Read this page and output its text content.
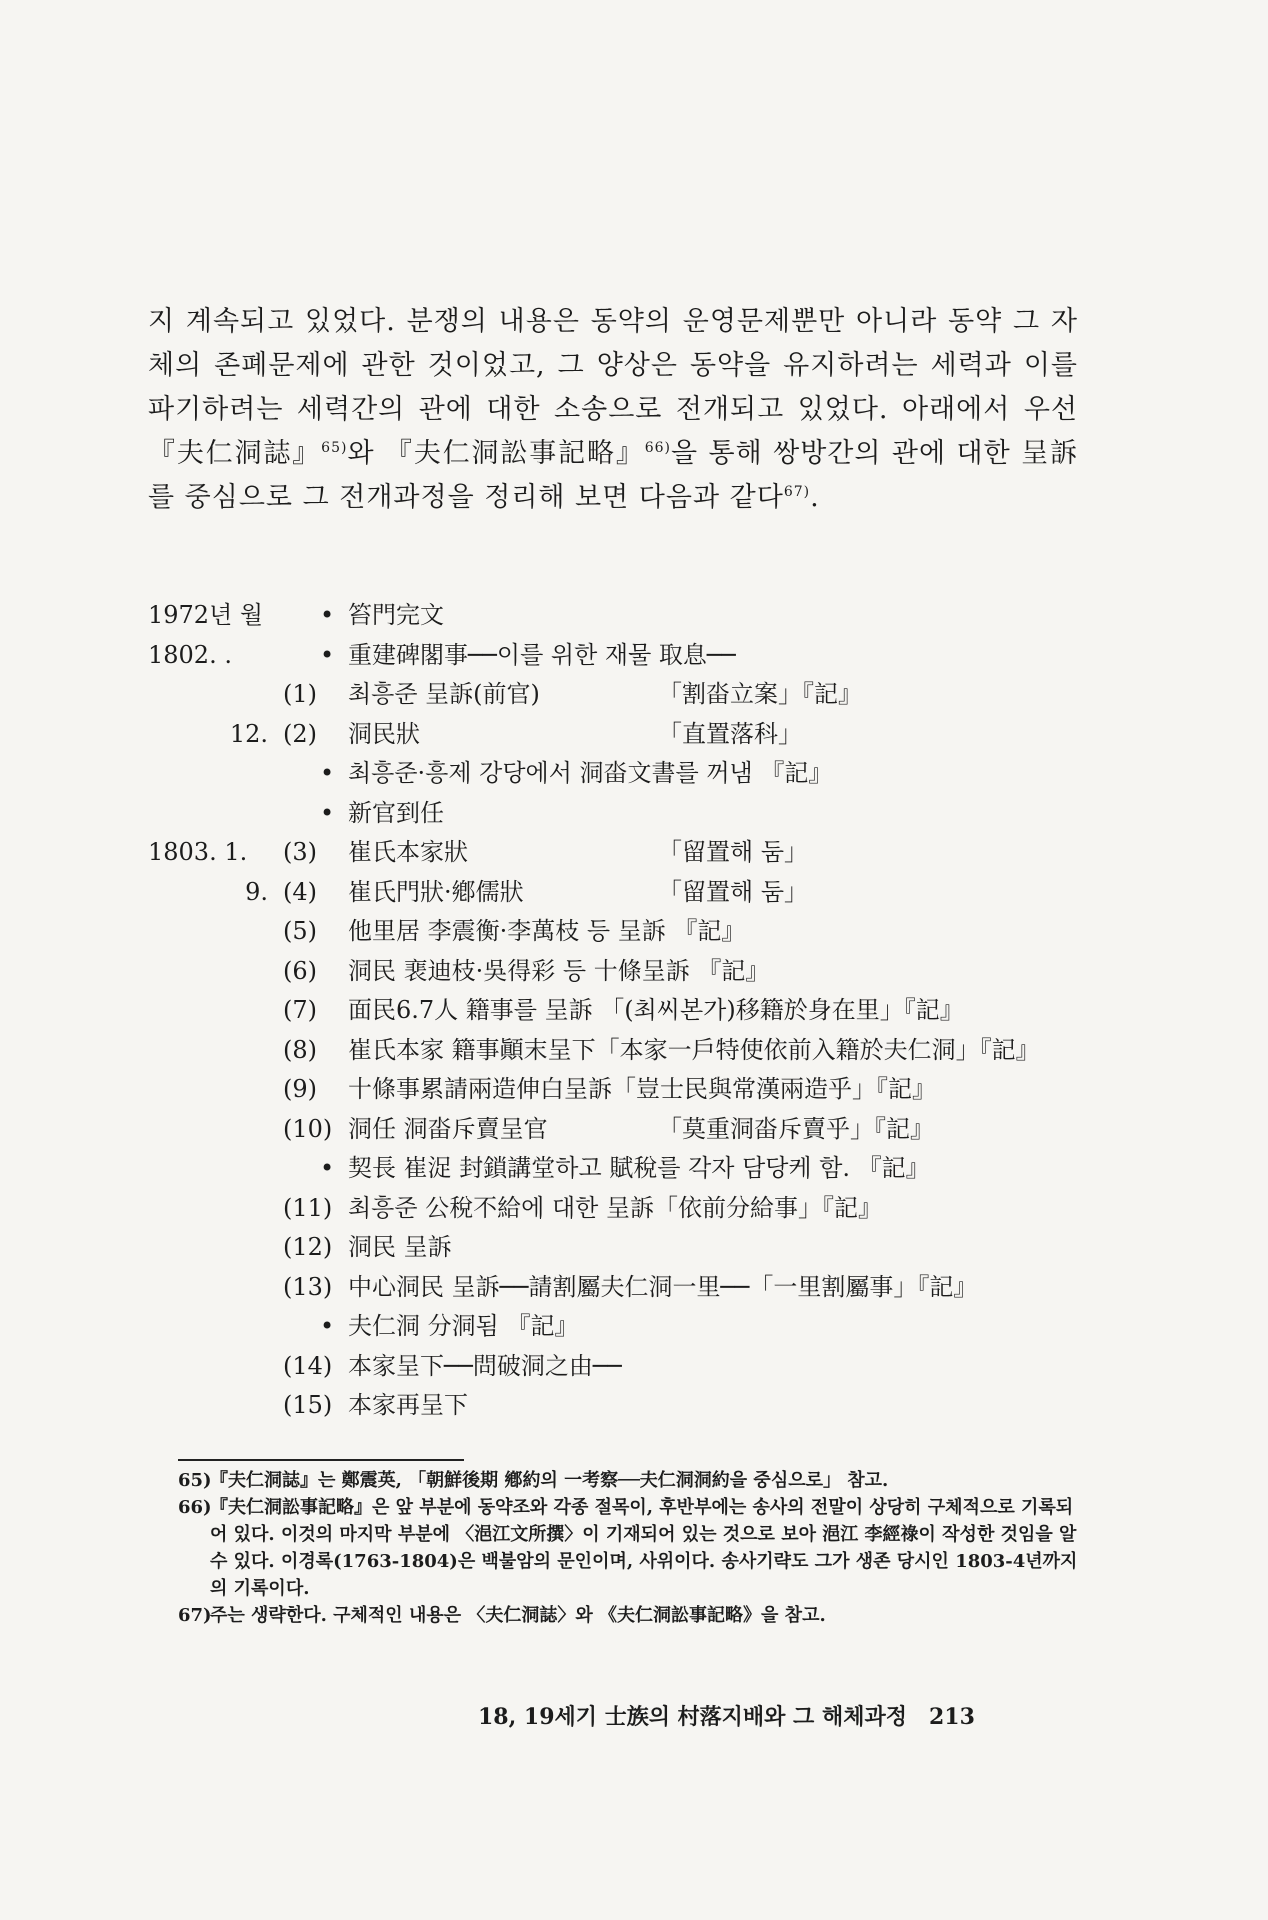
지 계속되고 있었다. 분쟁의 내용은 동약의 운영문제뿐만 아니라 동약 그 자체의 존폐문제에 관한 것이었고, 그 양상은 동약을 유지하려는 세력과 이를 파기하려는 세력간의 관에 대한 소송으로 전개되고 있었다. 아래에서 우선 『夫仁洞誌』$^{65)}$와 『夫仁洞訟事記略』$^{66)}$을 통해 쌍방간의 관에 대한 呈訴를 중심으로 그 전개과정을 정리해 보면 다음과 같다$^{67)}$.

1972년 월	• 笞門完文
1802. .	• 重建碑閣事──이를 위한 재물 取息──
(1)	최흥준 呈訴(前官)	「割畓立案」『記』
12. (2)	洞民狀	「直置落科」
• 최흥준·흥제 강당에서 洞畓文書를 꺼냄 『記』
• 新官到任
1803. 1.	(3)	崔氏本家狀	「留置해 둠」
9. (4)	崔氏門狀·鄕儒狀	「留置해 둠」
(5)	他里居 李震衡·李萬枝 등 呈訴 『記』
(6)	洞民 裵迪枝·吳得彩 등 十條呈訴 『記』
(7)	面民6.7人 籍事를 呈訴 「(최씨본가)移籍於身在里」『記』
(8)	崔氏本家 籍事顚末呈下「本家一戶特使依前入籍於夫仁洞」『記』
(9)	十條事累請兩造伸白呈訴「豈士民與常漢兩造乎」『記』
(10) 洞任 洞畓斥賣呈官	「莫重洞畓斥賣乎」『記』
• 契長 崔浞 封鎖講堂하고 賦稅를 각자 담당케 함. 『記』
(11) 최흥준 公稅不給에 대한 呈訴「依前分給事」『記』
(12) 洞民 呈訴
(13) 中心洞民 呈訴──請割屬夫仁洞一里──「一里割屬事」『記』
• 夫仁洞 分洞됨 『記』
(14) 本家呈下──問破洞之由──
(15) 本家再呈下
65)
『夫仁洞誌』는 鄭震英, 「朝鮮後期 鄕約의 一考察──夫仁洞洞約을 중심으로」 참고.
66)
『夫仁洞訟事記略』은 앞 부분에 동약조와 각종 절목이, 후반부에는 송사의 전말이 상당히 구체적으로 기록되어 있다. 이것의 마지막 부분에 〈浥江文所撰〉이 기재되어 있는 것으로 보아 浥江 李經祿이 작성한 것임을 알 수 있다. 이경록(1763-1804)은 백불암의 문인이며, 사위이다. 송사기략도 그가 생존 당시인 1803-4년까지의 기록이다.
67)
주는 생략한다. 구체적인 내용은 〈夫仁洞誌〉와 《夫仁洞訟事記略》을 참고.
18, 19세기 士族의 村落지배와 그 해체과정 213
